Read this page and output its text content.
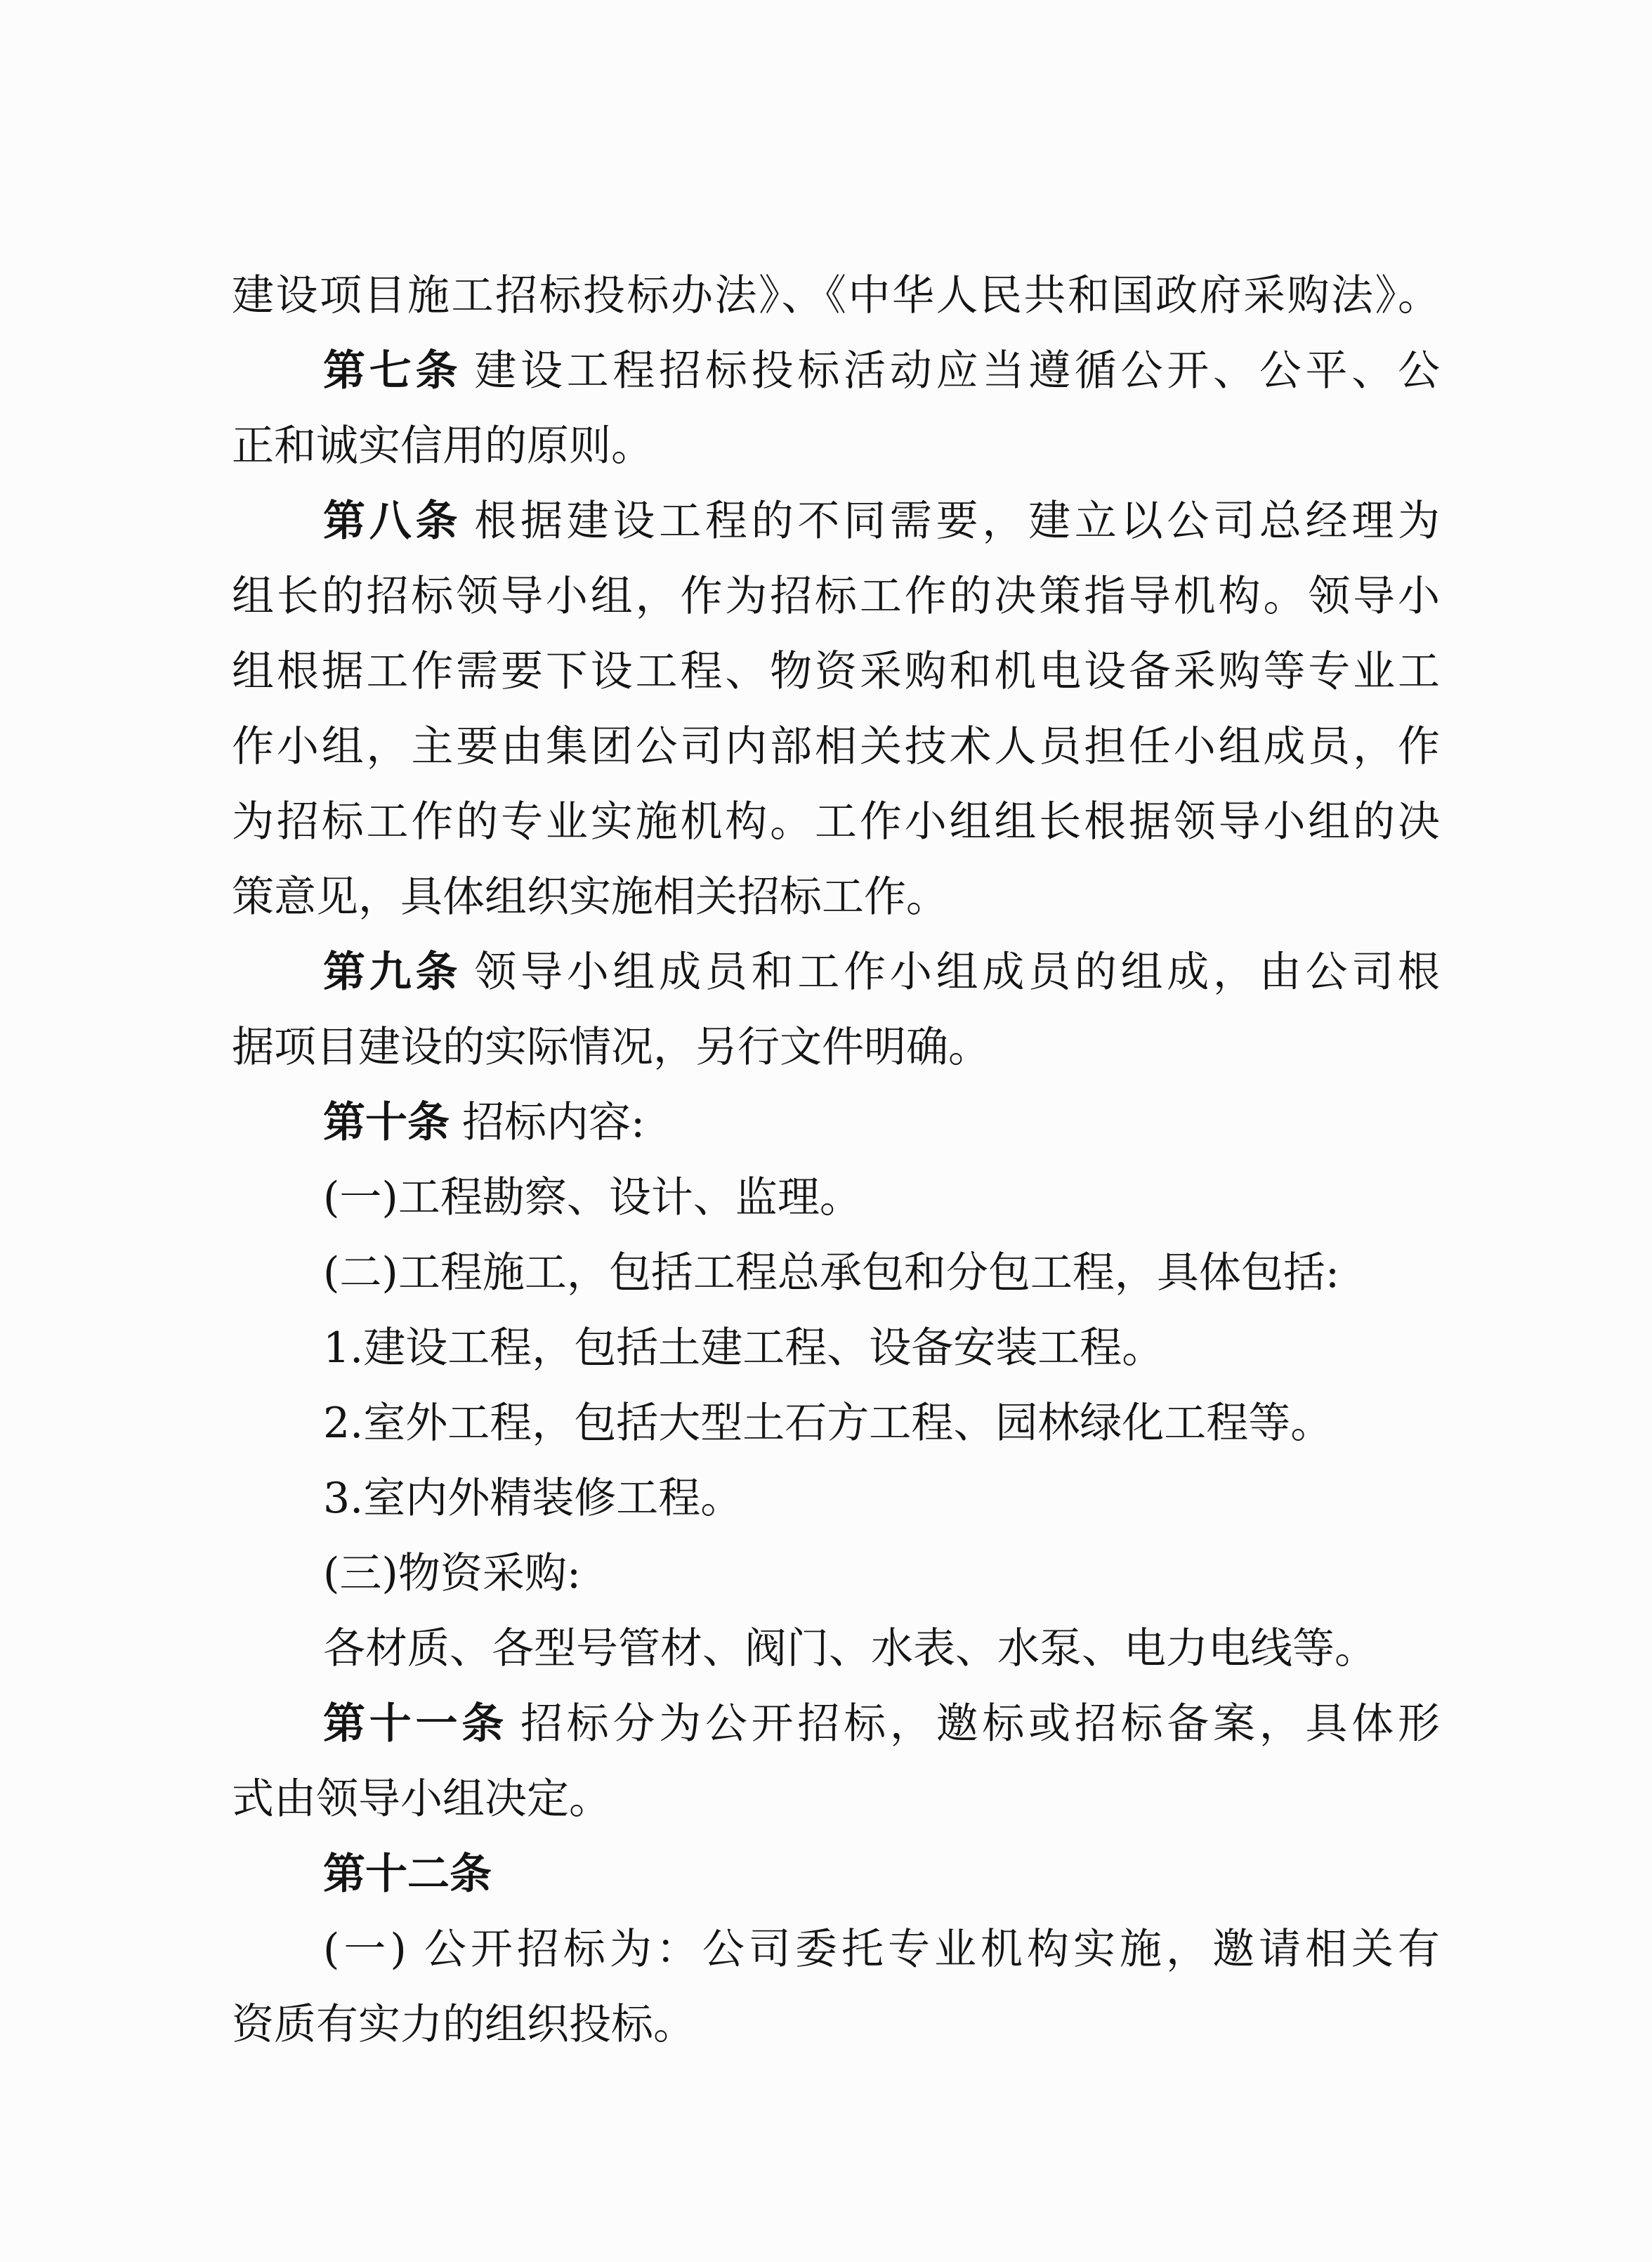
建设项目施工招标投标办法》、《中华人民共和国政府采购法》。
第七条 建设工程招标投标活动应当遵循公开、公平、公
正和诚实信用的原则。
第八条 根据建设工程的不同需要，建立以公司总经理为
组长的招标领导小组，作为招标工作的决策指导机构。领导小
组根据工作需要下设工程、物资采购和机电设备采购等专业工
作小组，主要由集团公司内部相关技术人员担任小组成员，作
为招标工作的专业实施机构。工作小组组长根据领导小组的决
策意见，具体组织实施相关招标工作。
第九条 领导小组成员和工作小组成员的组成，由公司根
据项目建设的实际情况，另行文件明确。
第十条 招标内容:
(一)工程勘察、设计、监理。
(二)工程施工，包括工程总承包和分包工程，具体包括:
1.建设工程，包括土建工程、设备安装工程。
2.室外工程，包括大型土石方工程、园林绿化工程等。
3.室内外精装修工程。
(三)物资采购:
各材质、各型号管材、阀门、水表、水泵、电力电线等。
第十一条 招标分为公开招标，邀标或招标备案，具体形
式由领导小组决定。
第十二条
(一) 公开招标为：公司委托专业机构实施，邀请相关有
资质有实力的组织投标。
